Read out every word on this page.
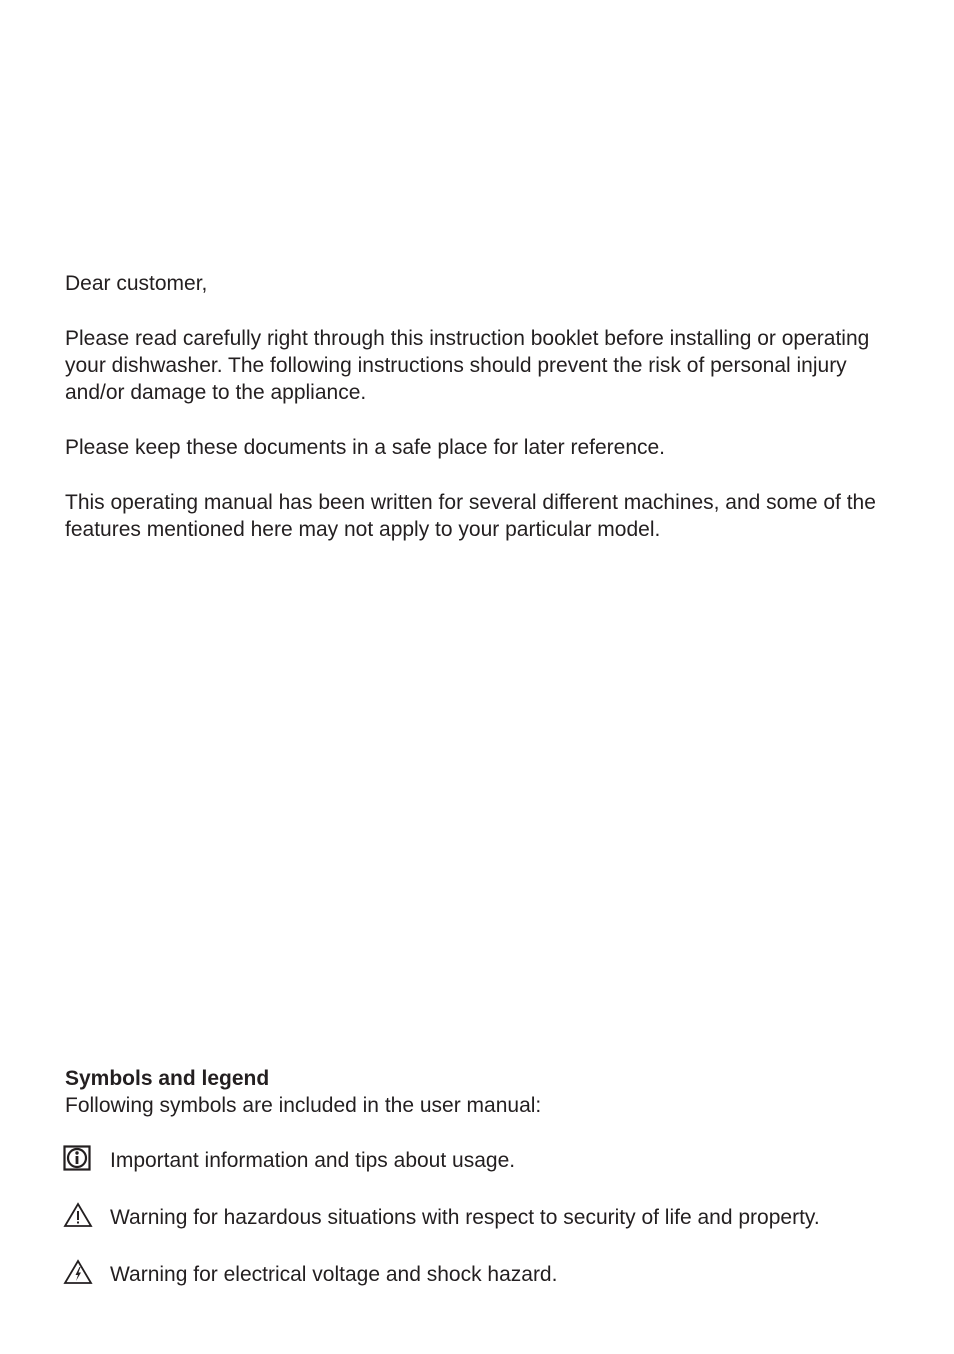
Dear customer,

Please read carefully right through this instruction booklet before installing or operating your dishwasher. The following instructions should prevent the risk of personal injury and/or damage to the appliance.

Please keep these documents in a safe place for later reference.

This operating manual has been written for several different machines, and some of the features mentioned here may not apply to your particular model.

Symbols and legend

Following symbols are included in the user manual:

Important information and tips about usage.
Warning for hazardous situations with respect to security of life and property.
Warning for electrical voltage and shock hazard.
